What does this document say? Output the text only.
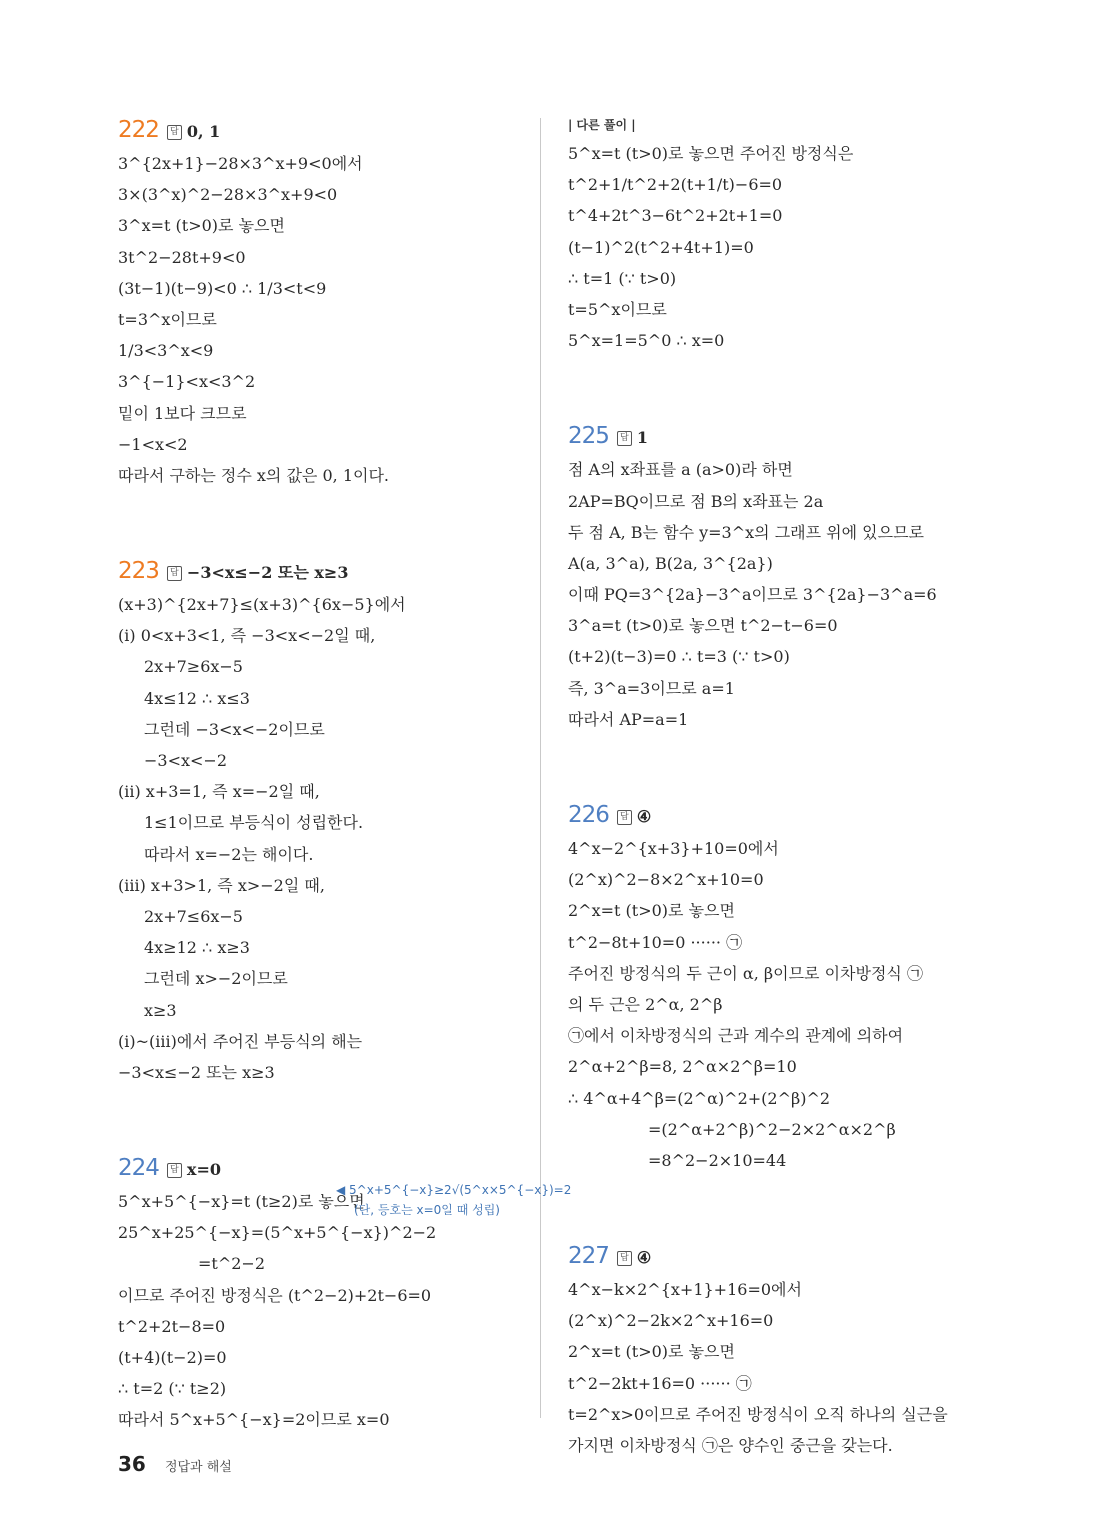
222 답 0, 1
3^{2x+1}−28×3^x+9<0에서
3×(3^x)^2−28×3^x+9<0
3^x=t (t>0)로 놓으면
3t^2−28t+9<0
(3t−1)(t−9)<0 ∴ 1/3<t<9
t=3^x이므로
1/3<3^x<9
3^{−1}<x<3^2
밑이 1보다 크므로
−1<x<2
따라서 구하는 정수 x의 값은 0, 1이다.
223 답 −3<x≤−2 또는 x≥3
(x+3)^{2x+7}≤(x+3)^{6x−5}에서
(ⅰ) 0<x+3<1, 즉 −3<x<−2일 때,
2x+7≥6x−5
4x≤12 ∴ x≤3
그런데 −3<x<−2이므로
−3<x<−2
(ⅱ) x+3=1, 즉 x=−2일 때,
1≤1이므로 부등식이 성립한다.
따라서 x=−2는 해이다.
(ⅲ) x+3>1, 즉 x>−2일 때,
2x+7≤6x−5
4x≥12 ∴ x≥3
그런데 x>−2이므로
x≥3
(ⅰ)~(ⅲ)에서 주어진 부등식의 해는
−3<x≤−2 또는 x≥3
224 답 x=0
5^x+5^{−x}=t (t≥2)로 놓으면
25^x+25^{−x}=(5^x+5^{−x})^2−2
=t^2−2
이므로 주어진 방정식은 (t^2−2)+2t−6=0
t^2+2t−8=0
(t+4)(t−2)=0
∴ t=2 (∵ t≥2)
따라서 5^x+5^{−x}=2이므로 x=0
| 다른 풀이 |
5^x=t (t>0)로 놓으면 주어진 방정식은
t^2+1/t^2+2(t+1/t)−6=0
t^4+2t^3−6t^2+2t+1=0
(t−1)^2(t^2+4t+1)=0
∴ t=1 (∵ t>0)
t=5^x이므로
5^x=1=5^0 ∴ x=0
225 답 1
점 A의 x좌표를 a (a>0)라 하면
2AP=BQ이므로 점 B의 x좌표는 2a
두 점 A, B는 함수 y=3^x의 그래프 위에 있으므로
A(a, 3^a), B(2a, 3^{2a})
이때 PQ=3^{2a}−3^a이므로 3^{2a}−3^a=6
3^a=t (t>0)로 놓으면 t^2−t−6=0
(t+2)(t−3)=0 ∴ t=3 (∵ t>0)
즉, 3^a=3이므로 a=1
따라서 AP=a=1
226 답 ④
4^x−2^{x+3}+10=0에서
(2^x)^2−8×2^x+10=0
2^x=t (t>0)로 놓으면
t^2−8t+10=0 ······ ㉠
주어진 방정식의 두 근이 α, β이므로 이차방정식 ㉠
의 두 근은 2^α, 2^β
㉠에서 이차방정식의 근과 계수의 관계에 의하여
2^α+2^β=8, 2^α×2^β=10
∴ 4^α+4^β=(2^α)^2+(2^β)^2
=(2^α+2^β)^2−2×2^α×2^β
=8^2−2×10=44
227 답 ④
4^x−k×2^{x+1}+16=0에서
(2^x)^2−2k×2^x+16=0
2^x=t (t>0)로 놓으면
t^2−2kt+16=0 ······ ㉠
t=2^x>0이므로 주어진 방정식이 오직 하나의 실근을
가지면 이차방정식 ㉠은 양수인 중근을 갖는다.
◀ 5^x+5^{−x}≥2√(5^x×5^{−x})=2
(단, 등호는 x=0일 때 성립)
36 정답과 해설
